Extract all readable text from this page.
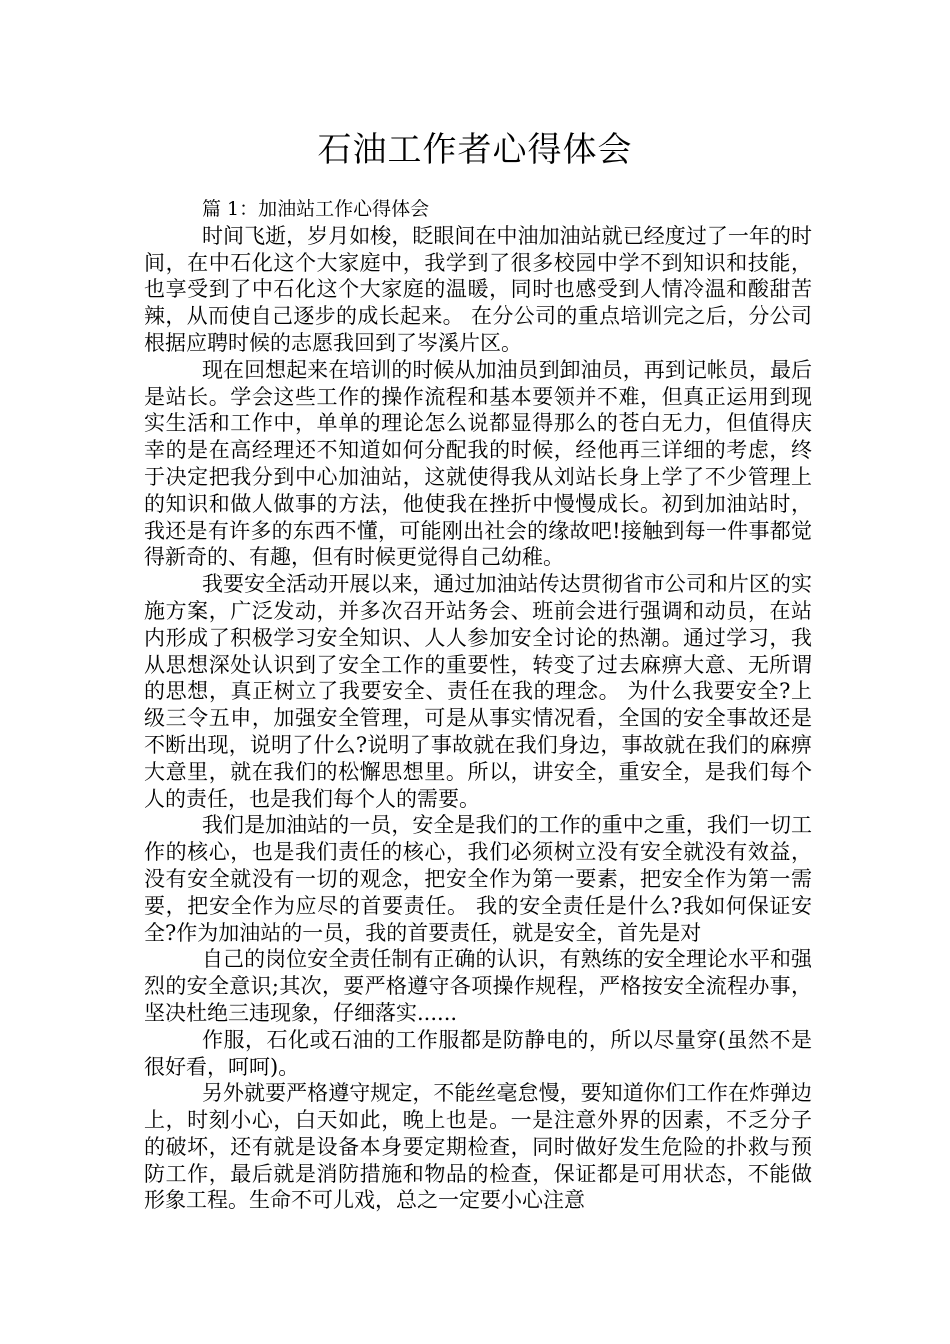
石油工作者心得体会

篇 1：加油站工作心得体会

时间飞逝，岁月如梭，眨眼间在中油加油站就已经度过了一年的时间，在中石化这个大家庭中，我学到了很多校园中学不到知识和技能，也享受到了中石化这个大家庭的温暖，同时也感受到人情冷温和酸甜苦辣，从而使自己逐步的成长起来。 在分公司的重点培训完之后，分公司根据应聘时候的志愿我回到了岑溪片区。

现在回想起来在培训的时候从加油员到卸油员，再到记帐员，最后是站长。学会这些工作的操作流程和基本要领并不难，但真正运用到现实生活和工作中，单单的理论怎么说都显得那么的苍白无力，但值得庆幸的是在高经理还不知道如何分配我的时候，经他再三详细的考虑，终于决定把我分到中心加油站，这就使得我从刘站长身上学了不少管理上的知识和做人做事的方法，他使我在挫折中慢慢成长。初到加油站时，我还是有许多的东西不懂，可能刚出社会的缘故吧!接触到每一件事都觉得新奇的、有趣，但有时候更觉得自己幼稚。

我要安全活动开展以来，通过加油站传达贯彻省市公司和片区的实施方案，广泛发动，并多次召开站务会、班前会进行强调和动员，在站内形成了积极学习安全知识、人人参加安全讨论的热潮。通过学习，我从思想深处认识到了安全工作的重要性，转变了过去麻痹大意、无所谓的思想，真正树立了我要安全、责任在我的理念。 为什么我要安全?上级三令五申，加强安全管理，可是从事实情况看，全国的安全事故还是不断出现，说明了什么?说明了事故就在我们身边，事故就在我们的麻痹大意里，就在我们的松懈思想里。所以，讲安全，重安全，是我们每个人的责任，也是我们每个人的需要。

我们是加油站的一员，安全是我们的工作的重中之重，我们一切工作的核心，也是我们责任的核心，我们必须树立没有安全就没有效益，没有安全就没有一切的观念，把安全作为第一要素，把安全作为第一需要，把安全作为应尽的首要责任。 我的安全责任是什么?我如何保证安全?作为加油站的一员，我的首要责任，就是安全，首先是对

自己的岗位安全责任制有正确的认识，有熟练的安全理论水平和强烈的安全意识;其次，要严格遵守各项操作规程，严格按安全流程办事，坚决杜绝三违现象，仔细落实......

作服，石化或石油的工作服都是防静电的，所以尽量穿(虽然不是很好看，呵呵)。

另外就要严格遵守规定，不能丝毫怠慢，要知道你们工作在炸弹边上，时刻小心，白天如此，晚上也是。一是注意外界的因素，不乏分子的破坏，还有就是设备本身要定期检查，同时做好发生危险的扑救与预防工作，最后就是消防措施和物品的检查，保证都是可用状态，不能做形象工程。生命不可儿戏，总之一定要小心注意
